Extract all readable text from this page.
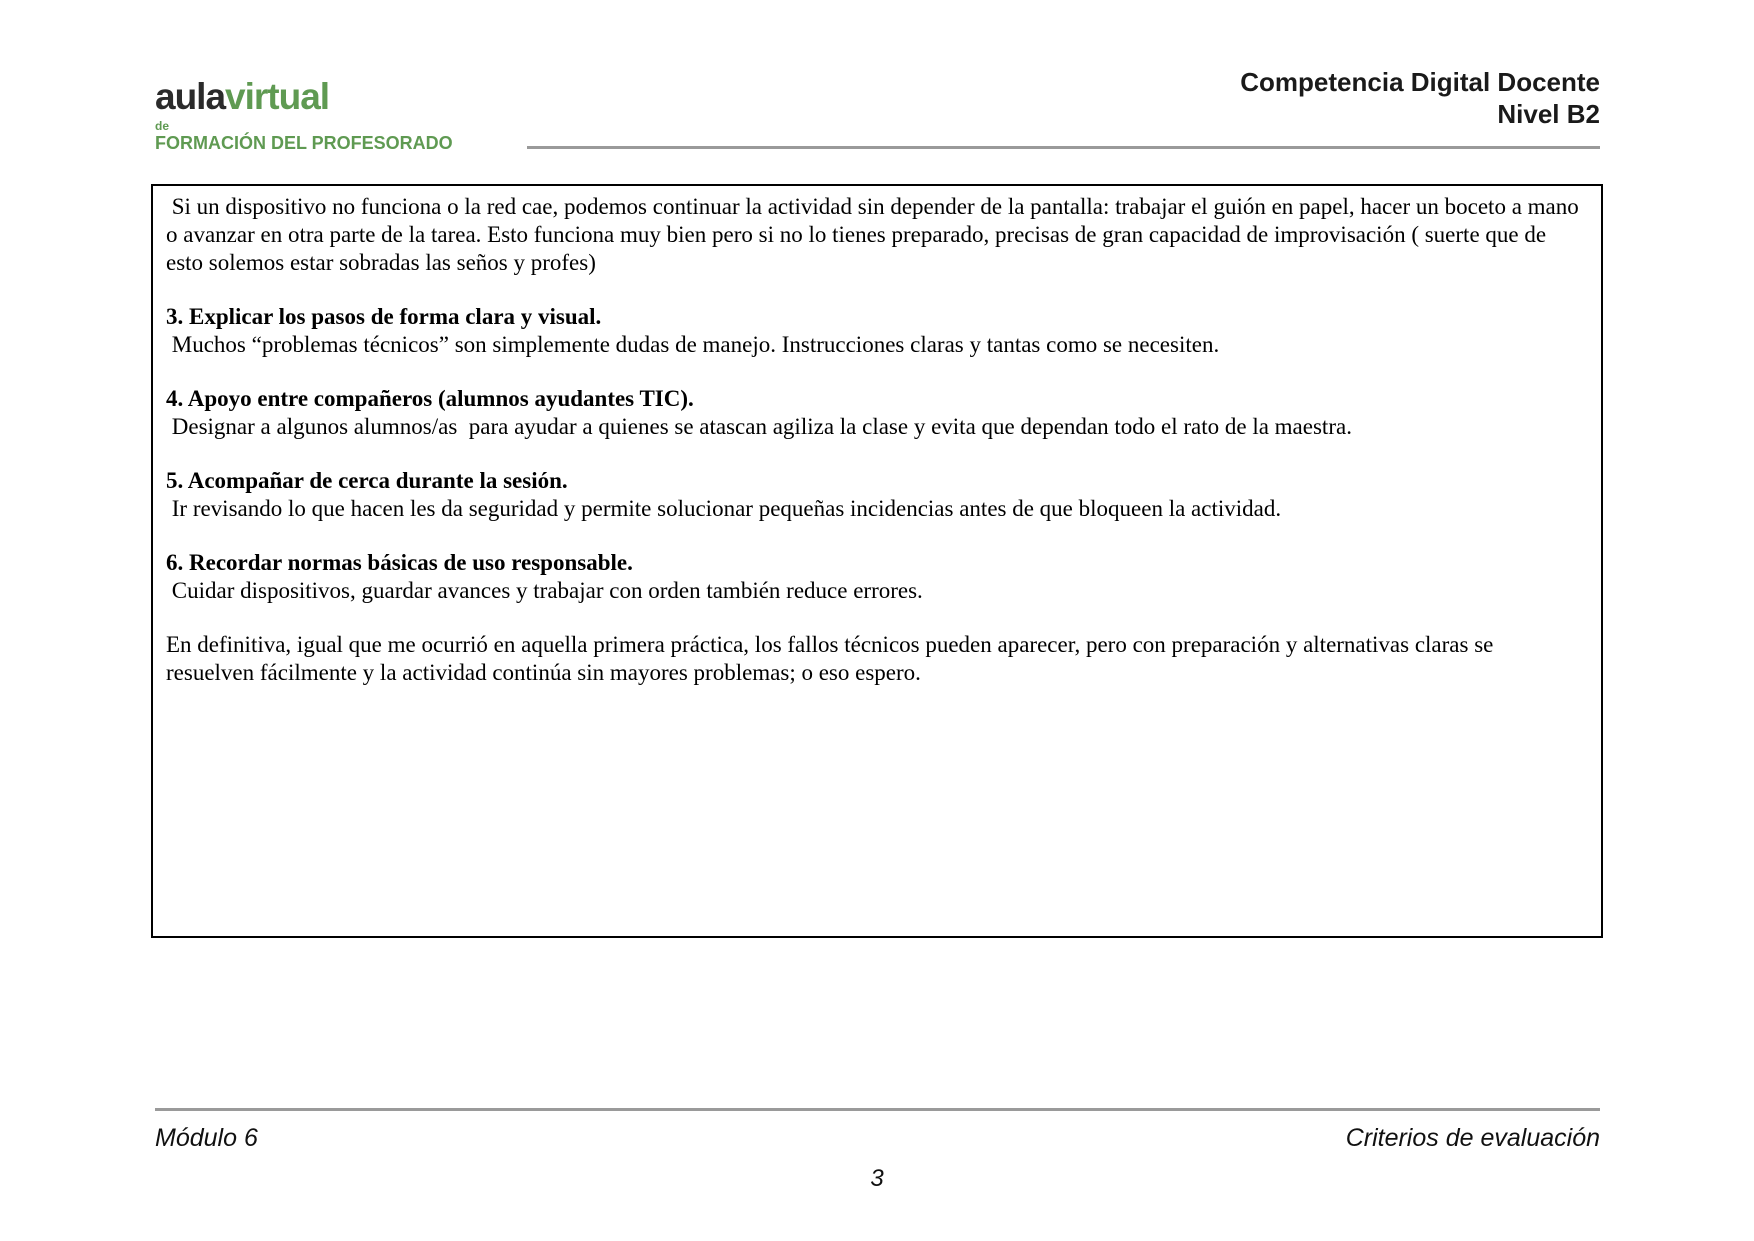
aulavirtual
de
FORMACIÓN DEL PROFESORADO
Competencia Digital Docente
Nivel B2

Si un dispositivo no funciona o la red cae, podemos continuar la actividad sin depender de la pantalla: trabajar el guión en papel, hacer un boceto a mano o avanzar en otra parte de la tarea. Esto funciona muy bien pero si no lo tienes preparado, precisas de gran capacidad de improvisación ( suerte que de esto solemos estar sobradas las seños y profes)

3. Explicar los pasos de forma clara y visual.

Muchos “problemas técnicos” son simplemente dudas de manejo. Instrucciones claras y tantas como se necesiten.

4. Apoyo entre compañeros (alumnos ayudantes TIC).

Designar a algunos alumnos/as  para ayudar a quienes se atascan agiliza la clase y evita que dependan todo el rato de la maestra.

5. Acompañar de cerca durante la sesión.

Ir revisando lo que hacen les da seguridad y permite solucionar pequeñas incidencias antes de que bloqueen la actividad.

6. Recordar normas básicas de uso responsable.

Cuidar dispositivos, guardar avances y trabajar con orden también reduce errores.

En definitiva, igual que me ocurrió en aquella primera práctica, los fallos técnicos pueden aparecer, pero con preparación y alternativas claras se resuelven fácilmente y la actividad continúa sin mayores problemas; o eso espero.

Módulo 6	Criterios de evaluación
3
